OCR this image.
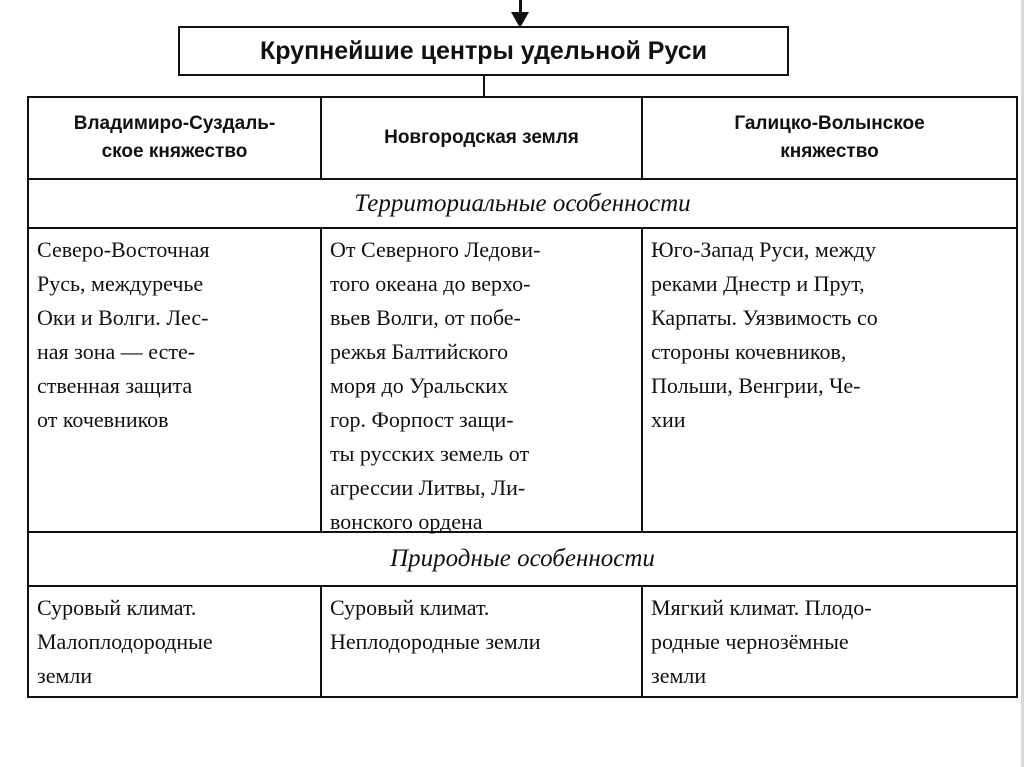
Крупнейшие центры удельной Руси
Владимиро-Суздаль-
ское княжество
Новгородская земля
Галицко-Волынское
княжество
Территориальные особенности
Северо-Восточная
Русь, междуречье
Оки и Волги. Лес-
ная зона — есте-
ственная защита
от кочевников
От Северного Ледови-
того океана до верхо-
вьев Волги, от побе-
режья Балтийского
моря до Уральских
гор. Форпост защи-
ты русских земель от
агрессии Литвы, Ли-
вонского ордена
Юго-Запад Руси, между
реками Днестр и Прут,
Карпаты. Уязвимость со
стороны кочевников,
Польши, Венгрии, Че-
хии
Природные особенности
Суровый климат.
Малоплодородные
земли
Суровый климат.
Неплодородные земли
Мягкий климат. Плодо-
родные чернозёмные
земли
